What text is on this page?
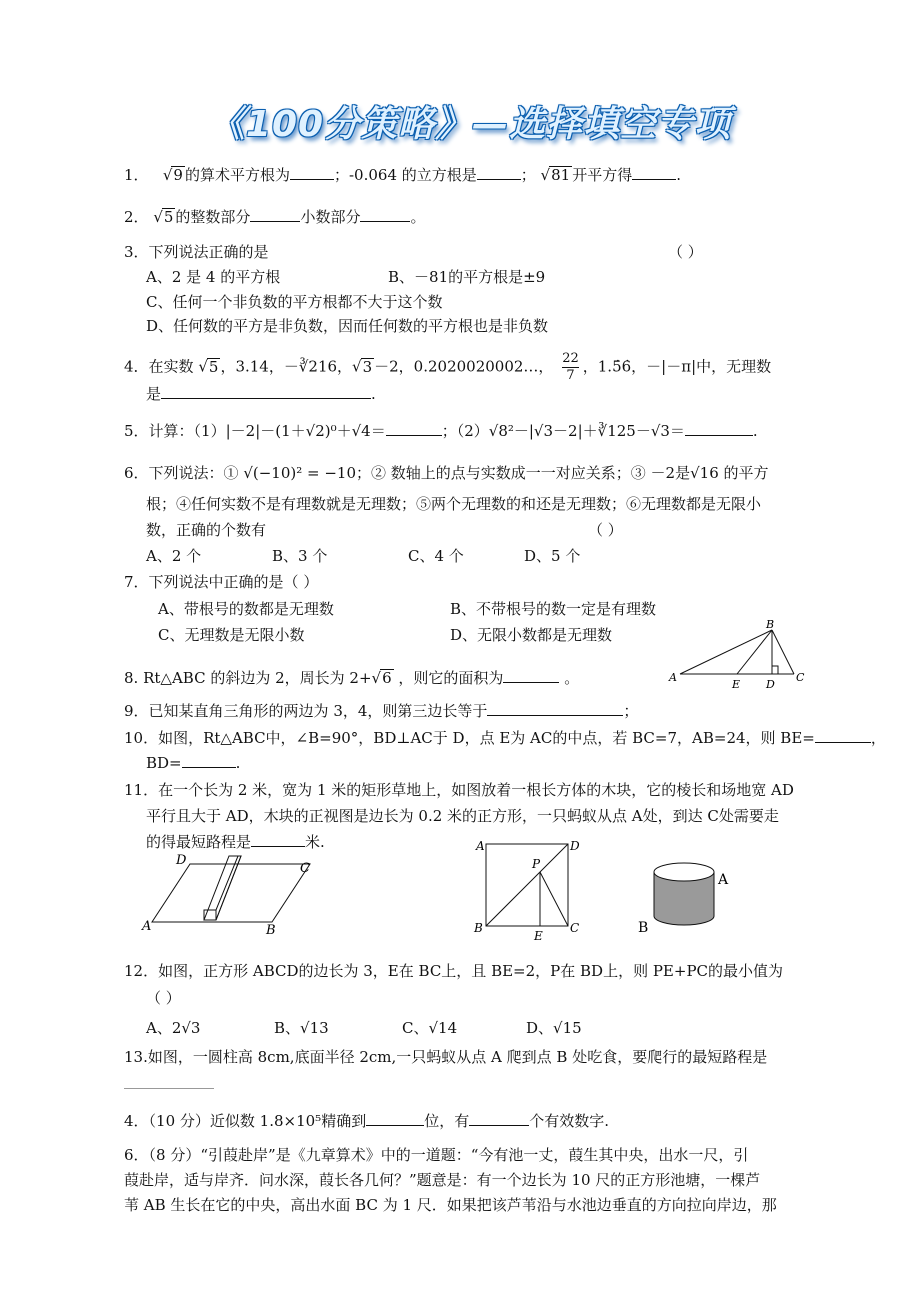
《100分策略》—选择填空专项
1． √9 的算术平方根为	；-0.064 的立方根是	； √81 开平方得	.
2． √5 的整数部分	小数部分	。
3．下列说法正确的是	（ ）
A、2 是 4 的平方根	B、－81的平方根是±9
C、任何一个非负数的平方根都不大于这个数
D、任何数的平方是非负数，因而任何数的平方根也是非负数
4．在实数 √5 ，3.14，－∛216，√3 －2，0.2020020002…， $\frac{22}{7}$ ，1.5̇6̇，－|－π|中，无理数
是	.
5．计算：（1）|－2|－(1＋√2)⁰＋√4＝	；（2）√8²－|√3－2|＋∛125－√3＝	.
6．下列说法：① √(−10)² = −10；② 数轴上的点与实数成一一对应关系；③ －2是√16 的平方
根；④任何实数不是有理数就是无理数；⑤两个无理数的和还是无理数；⑥无理数都是无限小
数，正确的个数有	（ ）
A、2 个	B、3 个	C、4 个	D、5 个
7．下列说法中正确的是（ ）
A、带根号的数都是无理数	B、不带根号的数一定是有理数
C、无理数是无限小数	D、无限小数都是无理数
A
B
C
D
E
8. Rt△ABC 的斜边为 2，周长为 2+√6 ，则它的面积为	。
9．已知某直角三角形的两边为 3，4，则第三边长等于	；
10．如图，Rt△ABC中，∠B=90°，BD⊥AC于 D，点 E为 AC的中点，若 BC=7，AB=24，则 BE=	，
BD=	.
11．在一个长为 2 米，宽为 1 米的矩形草地上，如图放着一根长方体的木块，它的棱长和场地宽 AD
平行且大于 AD，木块的正视图是边长为 0.2 米的正方形，一只蚂蚁从点 A处，到达 C处需要走
的得最短路程是	米.
A	B
C
D
A	D
B	C
E
P
A
B
12．如图，正方形 ABCD的边长为 3，E在 BC上，且 BE=2，P在 BD上，则 PE+PC的最小值为
（ ）
A、2√3	B、√13	C、√14	D、√15
13.如图，一圆柱高 8cm,底面半径 2cm,一只蚂蚁从点 A 爬到点 B 处吃食，要爬行的最短路程是
4．（10 分）近似数 1.8×10⁵精确到	位，有	个有效数字.
6．（8 分）“引葭赴岸”是《九章算术》中的一道题：“今有池一丈，葭生其中央，出水一尺，引
葭赴岸，适与岸齐．问水深，葭长各几何？”题意是：有一个边长为 10 尺的正方形池塘，一棵芦
苇 AB 生长在它的中央，高出水面 BC 为 1 尺．如果把该芦苇沿与水池边垂直的方向拉向岸边，那
